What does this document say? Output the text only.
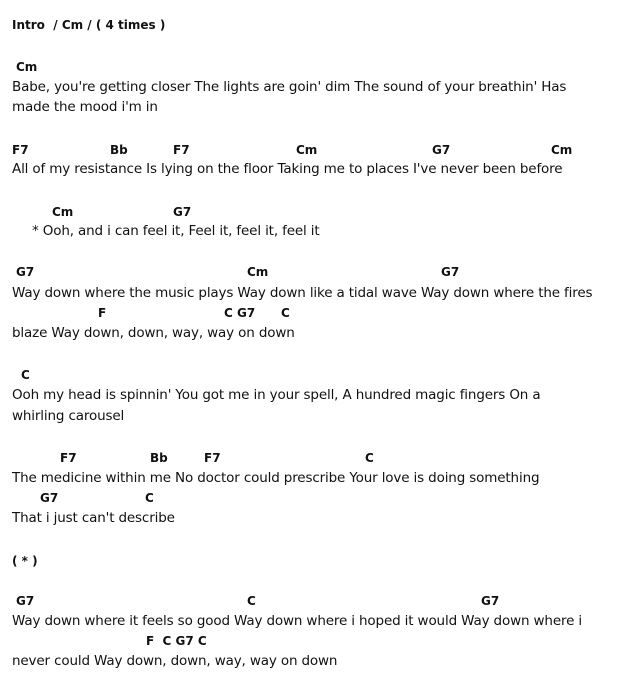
Intro  / Cm / ( 4 times )

Cm

Babe, you're getting closer The lights are goin' dim The sound of your breathin' Has
made the mood i'm in

F7

	Bb

	F7

	Cm

	G7

	Cm

All of my resistance Is lying on the floor Taking me to places I've never been before

Cm

	G7

* Ooh, and i can feel it, Feel it, feel it, feel it

G7

	Cm

	G7

Way down where the music plays Way down like a tidal wave Way down where the fires

F

	C G7

C

blaze Way down, down, way, way on down

C

Ooh my head is spinnin' You got me in your spell, A hundred magic fingers On a
whirling carousel

F7

	Bb

	F7

	C

The medicine within me No doctor could prescribe Your love is doing something

G7

	C

That i just can't describe
( * )

G7

	C

	G7

Way down where it feels so good Way down where i hoped it would Way down where i

F  C G7 C

never could Way down, down, way, way on down
